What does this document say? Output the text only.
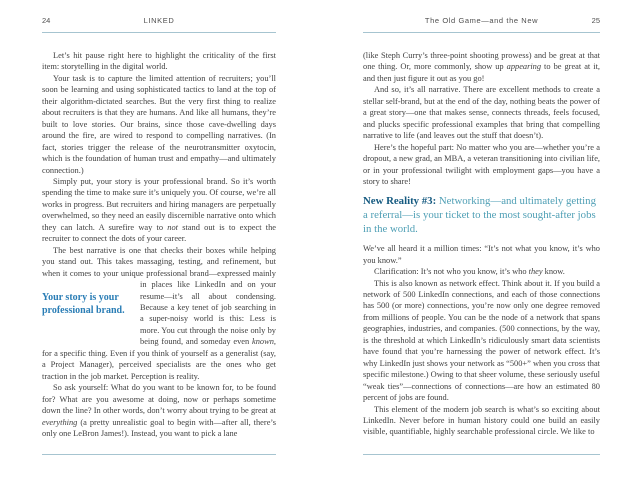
24	LINKED

Let’s hit pause right here to highlight the criticality of the first item: storytelling in the digital world.

Your task is to capture the limited attention of recruiters; you’ll soon be learning and using sophisticated tactics to land at the top of their algorithm-dictated searches. But the very first thing to realize about recruiters is that they are humans. And like all humans, they’re built to love stories. Our brains, since those cave-dwelling days around the fire, are wired to respond to compelling narratives. (In fact, stories trigger the release of the neurotransmitter oxytocin, which is the foundation of human trust and empathy—and ultimately connection.)

Simply put, your story is your professional brand. So it’s worth spending the time to make sure it’s uniquely you. Of course, we’re all works in progress. But recruiters and hiring managers are perpetually overwhelmed, so they need an easily discernible narrative onto which they can latch. A surefire way to not stand out is to expect the recruiter to connect the dots of your career.

The best narrative is one that checks their boxes while helping you stand out. This takes massaging, testing, and refinement, but when it comes to your unique professional brand—expressed
Your story is your professional brand.
mainly in places like LinkedIn and on your resume—it’s all about condensing. Because a key tenet of job searching in a super-noisy world is this: Less is more. You cut through the noise only by being found, and someday even known, for a specific thing. Even if you think of yourself as a generalist (say, a Project Manager), perceived specialists are the ones who get traction in the job market. Perception is reality.

So ask yourself: What do you want to be known for, to be found for? What are you awesome at doing, now or perhaps sometime down the line? In other words, don’t worry about trying to be great at everything (a pretty unrealistic goal to begin with—after all, there’s only one LeBron James!). Instead, you want to pick a lane

The Old Game—and the New	25

(like Steph Curry’s three-point shooting prowess) and be great at that one thing. Or, more commonly, show up appearing to be great at it, and then just figure it out as you go!

And so, it’s all narrative. There are excellent methods to create a stellar self-brand, but at the end of the day, nothing beats the power of a great story—one that makes sense, connects threads, feels focused, and plucks specific professional examples that bring that compelling narrative to life (and leaves out the stuff that doesn’t).

Here’s the hopeful part: No matter who you are—whether you’re a dropout, a new grad, an MBA, a veteran transitioning into civilian life, or in your professional twilight with employment gaps—you have a story to share!

New Reality #3: Networking—and ultimately getting a referral—is your ticket to the most sought-after jobs in the world.

We’ve all heard it a million times: “It’s not what you know, it’s who you know.”

Clarification: It’s not who you know, it’s who they know.

This is also known as network effect. Think about it. If you build a network of 500 LinkedIn connections, and each of those connections has 500 (or more) connections, you’re now only one degree removed from millions of people. You can be the node of a network that spans geographies, industries, and companies. (500 connections, by the way, is the threshold at which LinkedIn’s ridiculously smart data scientists have found that you’re harnessing the power of network effect. It’s why LinkedIn just shows your network as “500+” when you cross that specific milestone.) Owing to that sheer volume, these seriously useful “weak ties”—connections of connections—are how an estimated 80 percent of jobs are found.

This element of the modern job search is what’s so exciting about LinkedIn. Never before in human history could one build an easily visible, quantifiable, highly searchable professional circle. We like to
